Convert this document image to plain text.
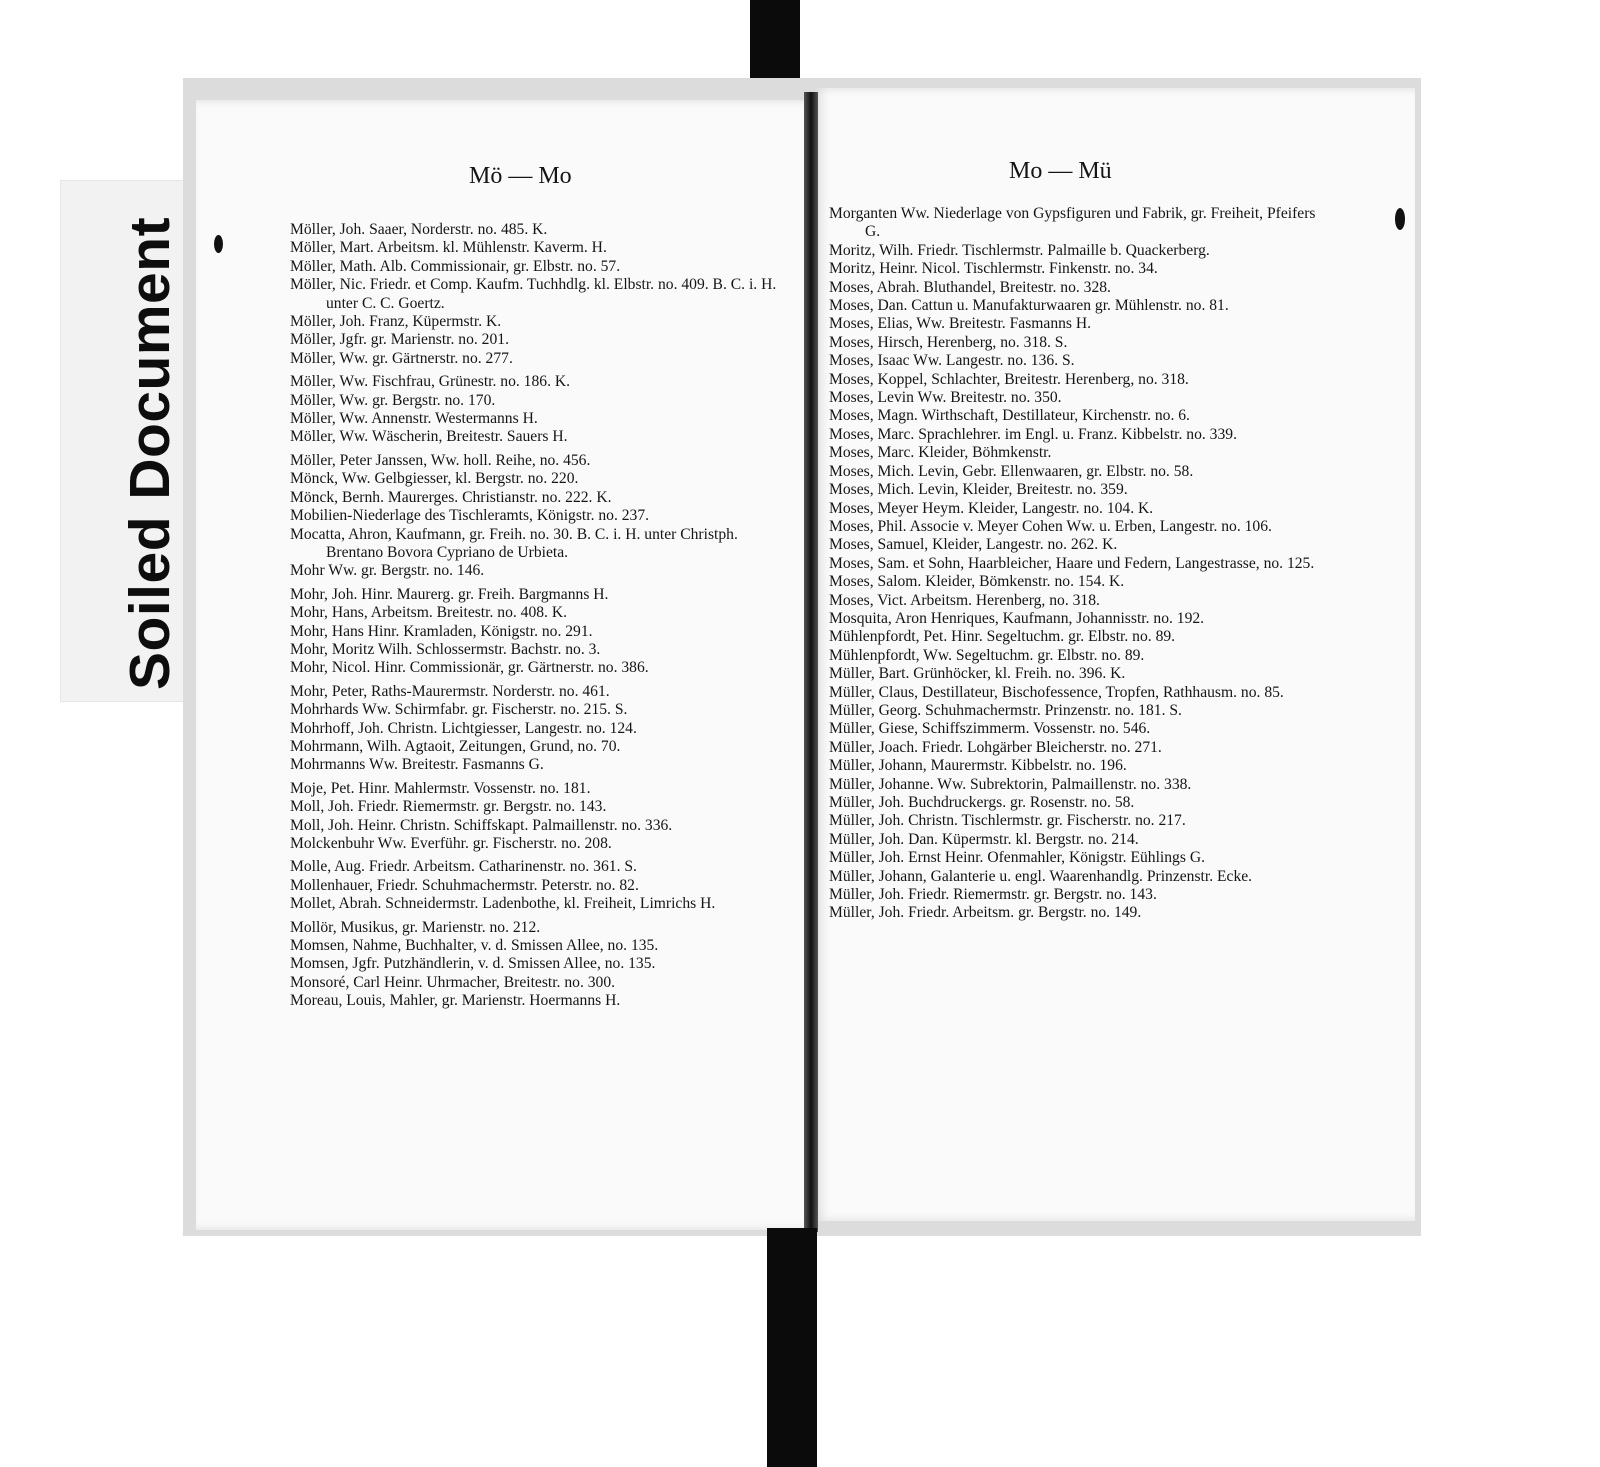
Soiled Document
Mö — Mo	Mo — Mü
Möller, Joh. Saaer, Norderstr. no. 485. K.
Möller, Mart. Arbeitsm. kl. Mühlenstr. Kaverm. H.
Möller, Math. Alb. Commissionair, gr. Elbstr. no. 57.
Möller, Nic. Friedr. et Comp. Kaufm. Tuchhdlg. kl. Elbstr. no. 409. B. C. i. H. unter C. C. Goertz.
Möller, Joh. Franz, Küpermstr. K.
Möller, Jgfr. gr. Marienstr. no. 201.
Möller, Ww. gr. Gärtnerstr. no. 277.
Möller, Ww. Fischfrau, Grünestr. no. 186. K.
Möller, Ww. gr. Bergstr. no. 170.
Möller, Ww. Annenstr. Westermanns H.
Möller, Ww. Wäscherin, Breitestr. Sauers H.
Möller, Peter Janssen, Ww. holl. Reihe, no. 456.
Mönck, Ww. Gelbgiesser, kl. Bergstr. no. 220.
Mönck, Bernh. Maurerges. Christianstr. no. 222. K.
Mobilien-Niederlage des Tischleramts, Königstr. no. 237.
Mocatta, Ahron, Kaufmann, gr. Freih. no. 30. B. C. i. H. unter Christph. Brentano Bovora Cypriano de Urbieta.
Mohr Ww. gr. Bergstr. no. 146.
Mohr, Joh. Hinr. Maurerg. gr. Freih. Bargmanns H.
Mohr, Hans, Arbeitsm. Breitestr. no. 408. K.
Mohr, Hans Hinr. Kramladen, Königstr. no. 291.
Mohr, Moritz Wilh. Schlossermstr. Bachstr. no. 3.
Mohr, Nicol. Hinr. Commissionär, gr. Gärtnerstr. no. 386.
Mohr, Peter, Raths-Maurermstr. Norderstr. no. 461.
Mohrhards Ww. Schirmfabr. gr. Fischerstr. no. 215. S.
Mohrhoff, Joh. Christn. Lichtgiesser, Langestr. no. 124.
Mohrmann, Wilh. Agtaoit, Zeitungen, Grund, no. 70.
Mohrmanns Ww. Breitestr. Fasmanns G.
Moje, Pet. Hinr. Mahlermstr. Vossenstr. no. 181.
Moll, Joh. Friedr. Riemermstr. gr. Bergstr. no. 143.
Moll, Joh. Heinr. Christn. Schiffskapt. Palmaillenstr. no. 336.
Molckenbuhr Ww. Everführ. gr. Fischerstr. no. 208.
Molle, Aug. Friedr. Arbeitsm. Catharinenstr. no. 361. S.
Mollenhauer, Friedr. Schuhmachermstr. Peterstr. no. 82.
Mollet, Abrah. Schneidermstr. Ladenbothe, kl. Freiheit, Limrichs H.
Mollör, Musikus, gr. Marienstr. no. 212.
Momsen, Nahme, Buchhalter, v. d. Smissen Allee, no. 135.
Momsen, Jgfr. Putzhändlerin, v. d. Smissen Allee, no. 135.
Monsoré, Carl Heinr. Uhrmacher, Breitestr. no. 300.
Moreau, Louis, Mahler, gr. Marienstr. Hoermanns H.
Morganten Ww. Niederlage von Gypsfiguren und Fabrik, gr. Freiheit, Pfeifers G.
Moritz, Wilh. Friedr. Tischlermstr. Palmaille b. Quackerberg.
Moritz, Heinr. Nicol. Tischlermstr. Finkenstr. no. 34.
Moses, Abrah. Bluthandel, Breitestr. no. 328.
Moses, Dan. Cattun u. Manufakturwaaren gr. Mühlenstr. no. 81.
Moses, Elias, Ww. Breitestr. Fasmanns H.
Moses, Hirsch, Herenberg, no. 318. S.
Moses, Isaac Ww. Langestr. no. 136. S.
Moses, Koppel, Schlachter, Breitestr. Herenberg, no. 318.
Moses, Levin Ww. Breitestr. no. 350.
Moses, Magn. Wirthschaft, Destillateur, Kirchenstr. no. 6.
Moses, Marc. Sprachlehrer. im Engl. u. Franz. Kibbelstr. no. 339.
Moses, Marc. Kleider, Böhmkenstr.
Moses, Mich. Levin, Gebr. Ellenwaaren, gr. Elbstr. no. 58.
Moses, Mich. Levin, Kleider, Breitestr. no. 359.
Moses, Meyer Heym. Kleider, Langestr. no. 104. K.
Moses, Phil. Associe v. Meyer Cohen Ww. u. Erben, Langestr. no. 106.
Moses, Samuel, Kleider, Langestr. no. 262. K.
Moses, Sam. et Sohn, Haarbleicher, Haare und Federn, Langestrasse, no. 125.
Moses, Salom. Kleider, Bömkenstr. no. 154. K.
Moses, Vict. Arbeitsm. Herenberg, no. 318.
Mosquita, Aron Henriques, Kaufmann, Johannisstr. no. 192.
Mühlenpfordt, Pet. Hinr. Segeltuchm. gr. Elbstr. no. 89.
Mühlenpfordt, Ww. Segeltuchm. gr. Elbstr. no. 89.
Müller, Bart. Grünhöcker, kl. Freih. no. 396. K.
Müller, Claus, Destillateur, Bischofessence, Tropfen, Rathhausm. no. 85.
Müller, Georg. Schuhmachermstr. Prinzenstr. no. 181. S.
Müller, Giese, Schiffszimmerm. Vossenstr. no. 546.
Müller, Joach. Friedr. Lohgärber Bleicherstr. no. 271.
Müller, Johann, Maurermstr. Kibbelstr. no. 196.
Müller, Johanne. Ww. Subrektorin, Palmaillenstr. no. 338.
Müller, Joh. Buchdruckergs. gr. Rosenstr. no. 58.
Müller, Joh. Christn. Tischlermstr. gr. Fischerstr. no. 217.
Müller, Joh. Dan. Küpermstr. kl. Bergstr. no. 214.
Müller, Joh. Ernst Heinr. Ofenmahler, Königstr. Eühlings G.
Müller, Johann, Galanterie u. engl. Waarenhandlg. Prinzenstr. Ecke.
Müller, Joh. Friedr. Riemermstr. gr. Bergstr. no. 143.
Müller, Joh. Friedr. Arbeitsm. gr. Bergstr. no. 149.
